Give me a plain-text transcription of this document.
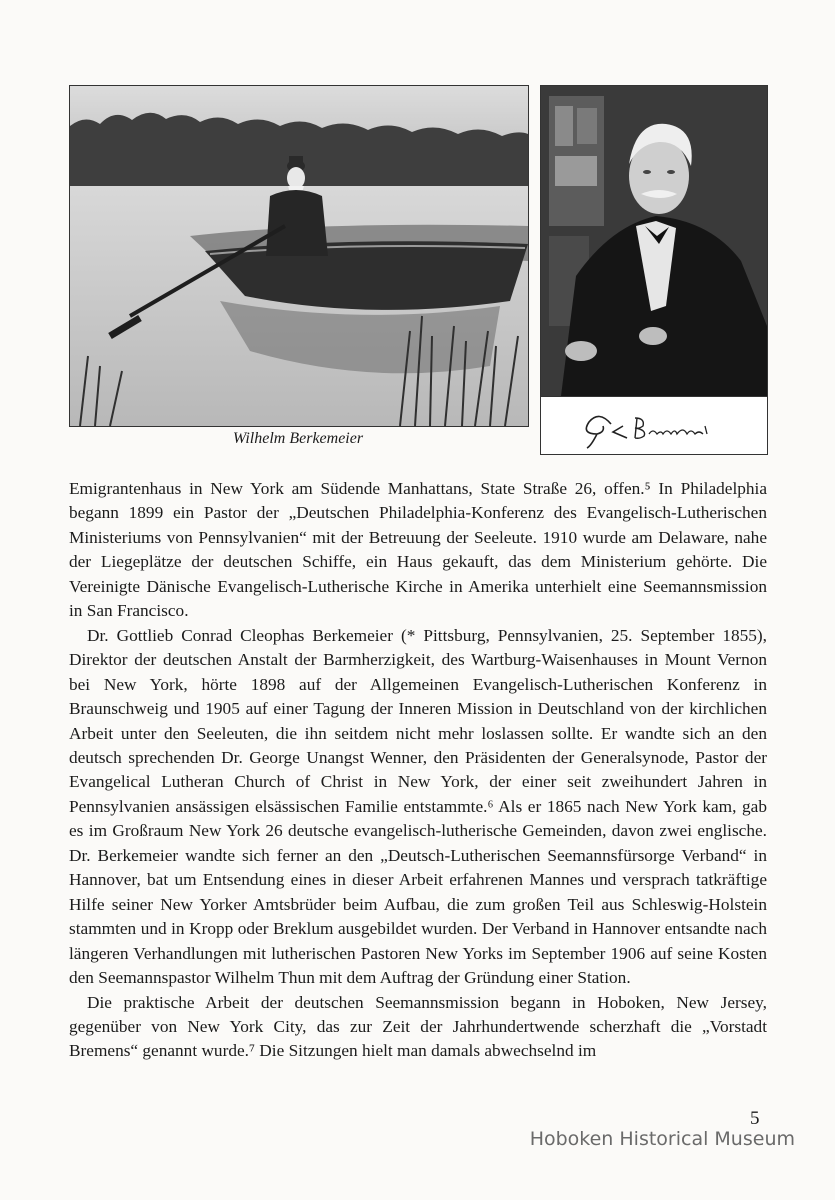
Wilhelm Berkemeier

Emigrantenhaus in New York am Südende Manhattans, State Straße 26, offen.⁵ In Philadelphia begann 1899 ein Pastor der „Deutschen Philadelphia-Konferenz des Evangelisch-Lutherischen Ministeriums von Pennsylvanien“ mit der Betreuung der Seeleute. 1910 wurde am Delaware, nahe der Liegeplätze der deutschen Schiffe, ein Haus gekauft, das dem Ministerium gehörte. Die Vereinigte Dänische Evangelisch-Lutherische Kirche in Amerika unterhielt eine Seemannsmission in San Francisco.

Dr. Gottlieb Conrad Cleophas Berkemeier (* Pittsburg, Pennsylvanien, 25. September 1855), Direktor der deutschen Anstalt der Barmherzigkeit, des Wartburg-Waisenhauses in Mount Vernon bei New York, hörte 1898 auf der Allgemeinen Evangelisch-Lutherischen Konferenz in Braunschweig und 1905 auf einer Tagung der Inneren Mission in Deutschland von der kirchlichen Arbeit unter den Seeleuten, die ihn seitdem nicht mehr loslassen sollte. Er wandte sich an den deutsch sprechenden Dr. George Unangst Wenner, den Präsidenten der Generalsynode, Pastor der Evangelical Lutheran Church of Christ in New York, der einer seit zweihundert Jahren in Pennsylvanien ansässigen elsässischen Familie entstammte.⁶ Als er 1865 nach New York kam, gab es im Großraum New York 26 deutsche evangelisch-lutherische Gemeinden, davon zwei englische. Dr. Berkemeier wandte sich ferner an den „Deutsch-Lutherischen Seemannsfürsorge Verband“ in Hannover, bat um Entsendung eines in dieser Arbeit erfahrenen Mannes und versprach tatkräftige Hilfe seiner New Yorker Amtsbrüder beim Aufbau, die zum großen Teil aus Schleswig-Holstein stammten und in Kropp oder Breklum ausgebildet wurden. Der Verband in Hannover entsandte nach längeren Verhandlungen mit lutherischen Pastoren New Yorks im September 1906 auf seine Kosten den Seemannspastor Wilhelm Thun mit dem Auftrag der Gründung einer Station.

Die praktische Arbeit der deutschen Seemannsmission begann in Hoboken, New Jersey, gegenüber von New York City, das zur Zeit der Jahrhundertwende scherzhaft die „Vorstadt Bremens“ genannt wurde.⁷ Die Sitzungen hielt man damals abwechselnd im

5
Hoboken Historical Museum
